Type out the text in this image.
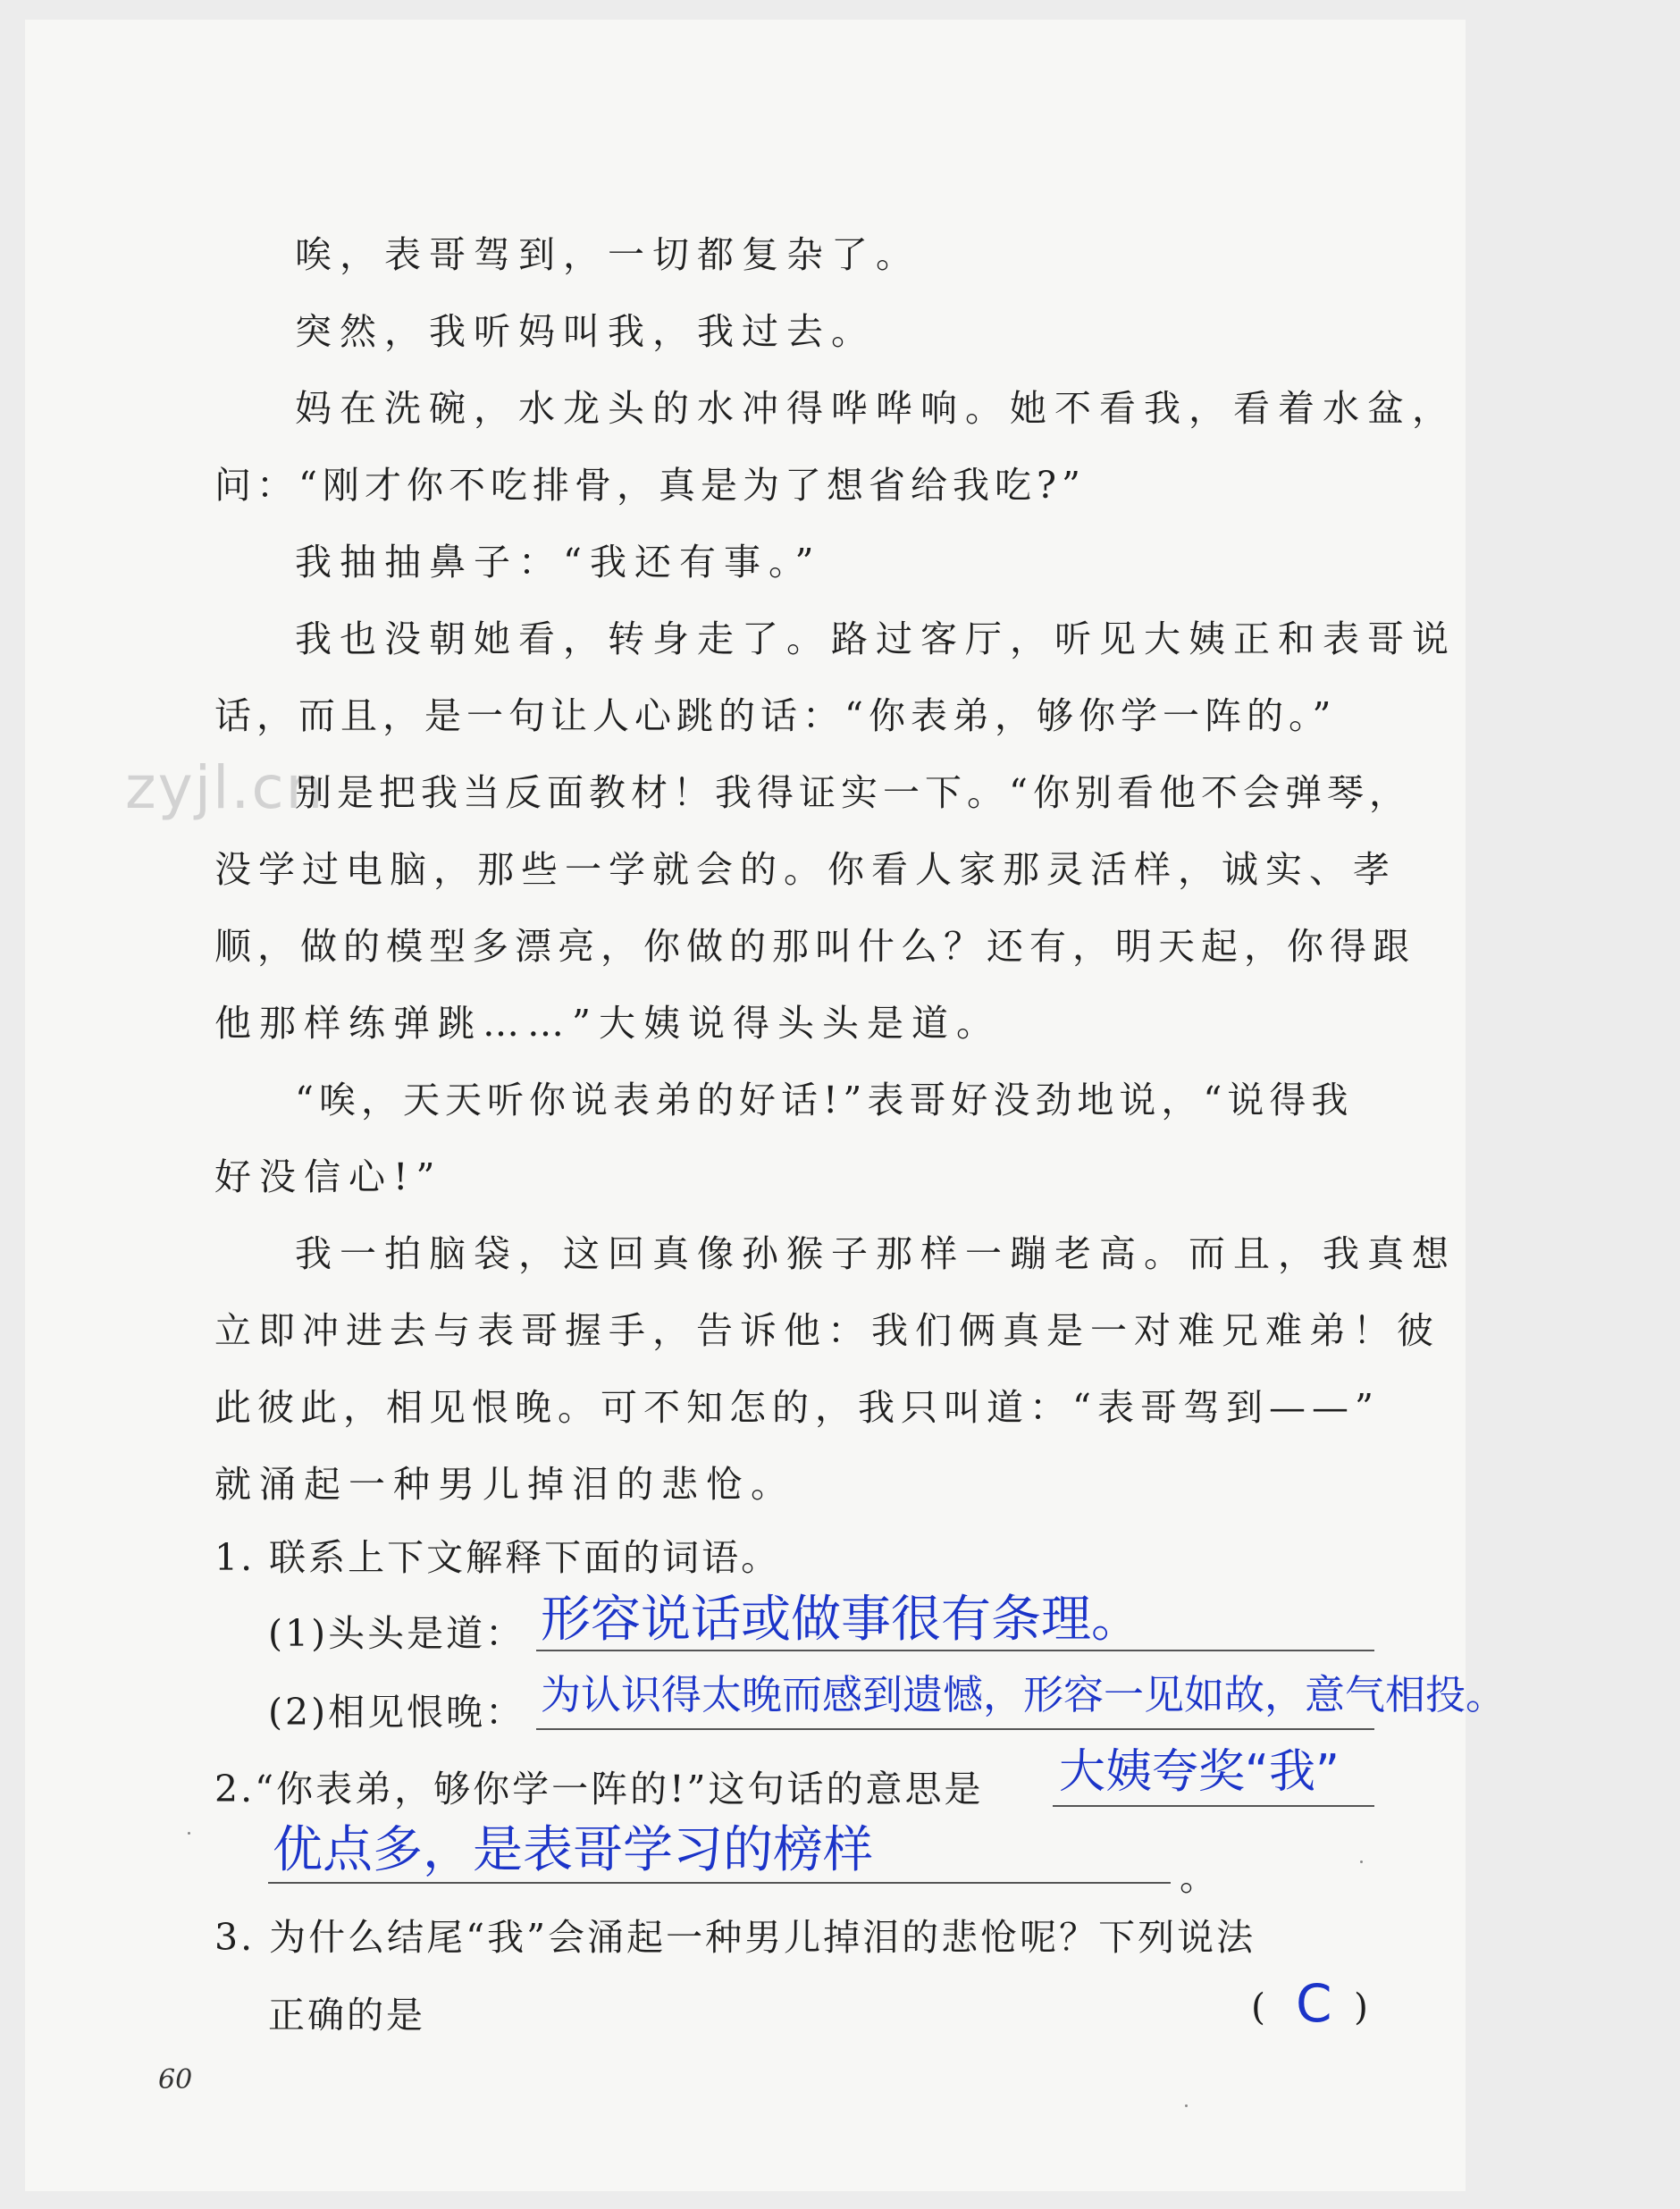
zyjl.cn
唉，表哥驾到，一切都复杂了。
突然，我听妈叫我，我过去。
妈在洗碗，水龙头的水冲得哗哗响。她不看我，看着水盆，
问：“刚才你不吃排骨，真是为了想省给我吃?”
我抽抽鼻子：“我还有事。”
我也没朝她看，转身走了。路过客厅，听见大姨正和表哥说
话，而且，是一句让人心跳的话：“你表弟，够你学一阵的。”
别是把我当反面教材！我得证实一下。“你别看他不会弹琴，
没学过电脑，那些一学就会的。你看人家那灵活样，诚实、孝
顺，做的模型多漂亮，你做的那叫什么？还有，明天起，你得跟
他那样练弹跳……”大姨说得头头是道。
“唉，天天听你说表弟的好话!”表哥好没劲地说，“说得我
好没信心!”
我一拍脑袋，这回真像孙猴子那样一蹦老高。而且，我真想
立即冲进去与表哥握手，告诉他：我们俩真是一对难兄难弟！彼
此彼此，相见恨晚。可不知怎的，我只叫道：“表哥驾到——”
就涌起一种男儿掉泪的悲怆。
1. 联系上下文解释下面的词语。
(1)头头是道： 形容说话或做事很有条理。
(2)相见恨晚： 为认识得太晚而感到遗憾，形容一见如故，意气相投。
2.“你表弟，够你学一阵的!”这句话的意思是 大姨夸奖“我”
优点多，是表哥学习的榜样	。
3. 为什么结尾“我”会涌起一种男儿掉泪的悲怆呢？下列说法
正确的是	( C )
60
